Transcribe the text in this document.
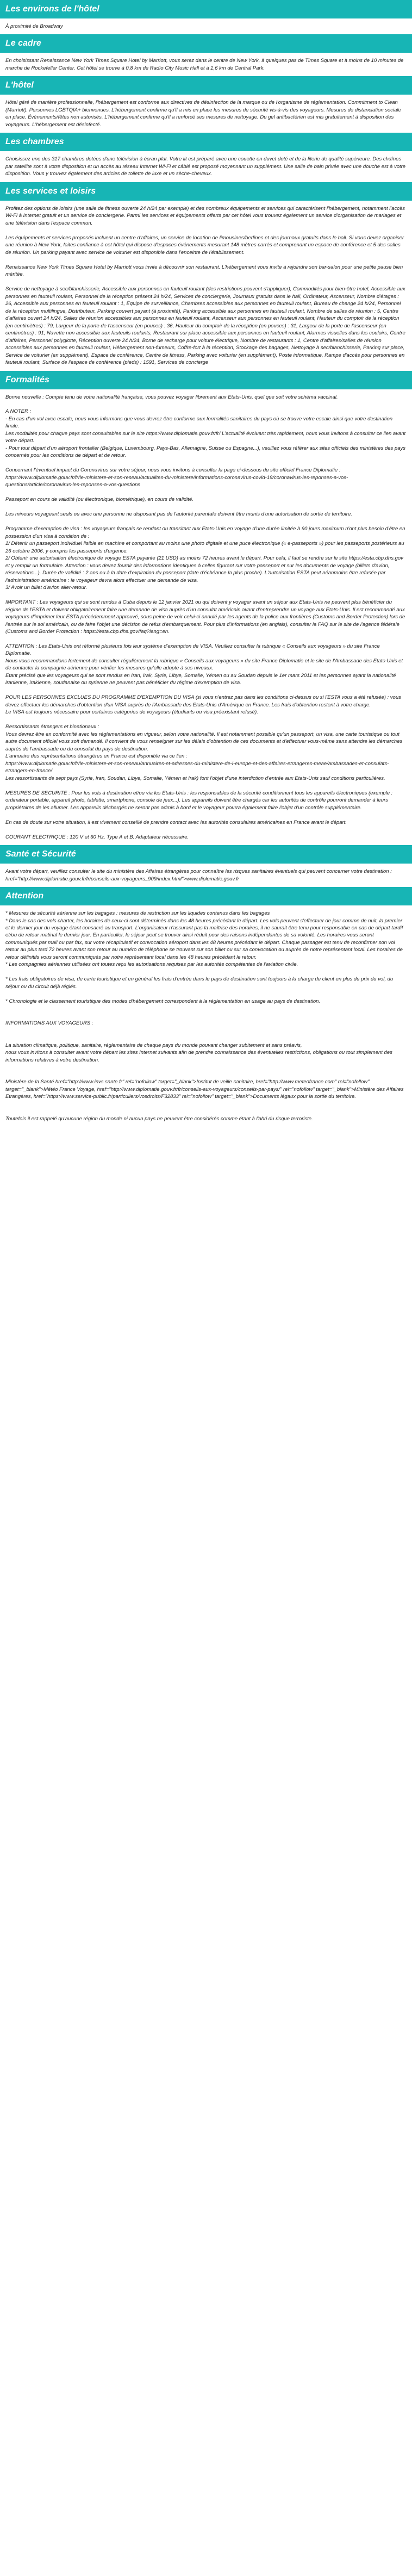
Les environs de l'hôtel
À proximité de Broadway
Le cadre
En choisissant Renaissance New York Times Square Hotel by Marriott, vous serez dans le centre de New York, à quelques pas de Times Square et à moins de 10 minutes de marche de Rockefeller Center. Cet hôtel se trouve à 0,8 km de Radio City Music Hall et à 1,6 km de Central Park.
L'hôtel
Hôtel géré de manière professionnelle, l'hébergement est conforme aux directives de désinfection de la marque ou de l'organisme de réglementation. Commitment to Clean (Marriott). Personnes LGBTQIA+ bienvenues. L'hébergement confirme qu'il a mis en place les mesures de sécurité vis-à-vis des voyageurs. Mesures de distanciation sociale en place. Événements/fêtes non autorisés. L'hébergement confirme qu'il a renforcé ses mesures de nettoyage. Du gel antibactérien est mis gratuitement à disposition des voyageurs. L'hébergement est désinfecté.
Les chambres
Choisissez une des 317 chambres dotées d'une télévision à écran plat. Votre lit est préparé avec une couette en duvet doté et de la literie de qualité supérieure. Des chaînes par satellite sont à votre disposition et un accès au réseau Internet Wi-Fi et câblé est proposé moyennant un supplément. Une salle de bain privée avec une douche est à votre disposition. Vous y trouvez également des articles de toilette de luxe et un sèche-cheveux.
Les services et loisirs
Profitez des options de loisirs (une salle de fitness ouverte 24 h/24 par exemple) et des nombreux équipements et services qui caractérisent l'hébergement, notamment l'accès Wi-Fi à Internet gratuit et un service de conciergerie. Parmi les services et équipements offerts par cet hôtel vous trouvez également un service d'organisation de mariages et une télévision dans l'espace commun.

Les équipements et services proposés incluent un centre d'affaires, un service de location de limousines/berlines et des journaux gratuits dans le hall. Si vous devez organiser une réunion à New York, faites confiance à cet hôtel qui dispose d'espaces événements mesurant 148 mètres carrés et comprenant un espace de conférence et 5 des salles de réunion. Un parking payant avec service de voiturier est disponible dans l'enceinte de l'établissement.

Renaissance New York Times Square Hotel by Marriott vous invite à découvrir son restaurant. L'hébergement vous invite à rejoindre son bar-salon pour une petite pause bien méritée.

Service de nettoyage à sec/blanchisserie, Accessible aux personnes en fauteuil roulant (des restrictions peuvent s'appliquer), Commodités pour bien-être hotel, Accessible aux personnes en fauteuil roulant, Personnel de la réception présent 24 h/24, Services de conciergerie, Journaux gratuits dans le hall, Ordinateur, Ascenseur, Nombre d'étages : 26, Accessible aux personnes en fauteuil roulant : 1, Équipe de surveillance, Chambres accessibles aux personnes en fauteuil roulant, Bureau de change 24 h/24, Personnel de la réception multilingue, Distributeur, Parking couvert payant (à proximité), Parking accessible aux personnes en fauteuil roulant, Nombre de salles de réunion : 5, Centre d'affaires ouvert 24 h/24, Salles de réunion accessibles aux personnes en fauteuil roulant, Ascenseur aux personnes en fauteuil roulant, Hauteur du comptoir de la réception (en centimètres) : 79, Largeur de la porte de l'ascenseur (en pouces) : 36, Hauteur du comptoir de la réception (en pouces) : 31, Largeur de la porte de l'ascenseur (en centimètres) : 91, Navette non accessible aux fauteuils roulants, Restaurant sur place accessible aux personnes en fauteuil roulant, Alarmes visuelles dans les couloirs, Centre d'affaires, Personnel polyglotte, Réception ouverte 24 h/24, Borne de recharge pour voiture électrique, Nombre de restaurants : 1, Centre d'affaires/salles de réunion accessibles aux personnes en fauteuil roulant, Hébergement non-fumeurs, Coffre-fort à la réception, Stockage des bagages, Nettoyage à sec/blanchisserie, Parking sur place, Service de voiturier (en supplément), Espace de conférence, Centre de fitness, Parking avec voiturier (en supplément), Poste informatique, Rampe d'accès pour personnes en fauteuil roulant, Surface de l'espace de conférence (pieds) : 1591, Services de concierge
Formalités
Bonne nouvelle : Compte tenu de votre nationalité française, vous pouvez voyager librement aux Etats-Unis, quel que soit votre schéma vaccinal.

A NOTER :
- En cas d'un vol avec escale, nous vous informons que vous devrez être conforme aux formalités sanitaires du pays où se trouve votre escale ainsi que votre destination finale.
Les modalités pour chaque pays sont consultables sur le site https://www.diplomatie.gouv.fr/fr/ L'actualité évoluant très rapidement, nous vous invitons à consulter ce lien avant votre départ.
- Pour tout départ d'un aéroport frontalier (Belgique, Luxembourg, Pays-Bas, Allemagne, Suisse ou Espagne...), veuillez vous référer aux sites officiels des ministères des pays concernés pour les conditions de départ et de retour.

Concernant l'éventuel impact du Coronavirus sur votre séjour, nous vous invitons à consulter la page ci-dessous du site officiel France Diplomatie :
https://www.diplomatie.gouv.fr/fr/le-ministere-et-son-reseau/actualites-du-ministere/informations-coronavirus-covid-19/coronavirus-les-reponses-a-vos-questions/article/coronavirus-les-reponses-a-vos-questions

Passeport en cours de validité (ou électronique, biométrique), en cours de validité.

Les mineurs voyageant seuls ou avec une personne ne disposant pas de l'autorité parentale doivent être munis d'une autorisation de sortie de territoire.

Programme d'exemption de visa : les voyageurs français se rendant ou transitant aux Etats-Unis en voyage d'une durée limitée à 90 jours maximum n'ont plus besoin d'être en possession d'un visa à condition de :
1/ Détenir un passeport individuel lisible en machine et comportant au moins une photo digitale et une puce électronique (« e-passeports ») pour les passeports postérieurs au 26 octobre 2006, y compris les passeports d'urgence.
2/ Obtenir une autorisation électronique de voyage ESTA payante (21 USD) au moins 72 heures avant le départ. Pour cela, il faut se rendre sur le site https://esta.cbp.dhs.gov et y remplir un formulaire. Attention : vous devez fournir des informations identiques à celles figurant sur votre passeport et sur les documents de voyage (billets d'avion, réservations...). Durée de validité : 2 ans ou à la date d'expiration du passeport (date d'échéance la plus proche). L'autorisation ESTA peut néanmoins être refusée par l'administration américaine : le voyageur devra alors effectuer une demande de visa.
3/ Avoir un billet d'avion aller-retour.

IMPORTANT : Les voyageurs qui se sont rendus à Cuba depuis le 12 janvier 2021 ou qui doivent y voyager avant un séjour aux Etats-Unis ne peuvent plus bénéficier du régime de l'ESTA et doivent obligatoirement faire une demande de visa auprès d'un consulat américain avant d'entreprendre un voyage aux Etats-Unis. Il est recommandé aux voyageurs d'imprimer leur ESTA précédemment approuvé, sous peine de voir celui-ci annulé par les agents de la police aux frontières (Customs and Border Protection) lors de l'entrée sur le sol américain, ou de faire l'objet une décision de refus d'embarquement. Pour plus d'informations (en anglais), consulter la FAQ sur le site de l'agence fédérale (Customs and Border Protection : https://esta.cbp.dhs.gov/faq?lang=en.

ATTENTION : Les Etats-Unis ont réformé plusieurs fois leur système d'exemption de VISA. Veuillez consulter la rubrique « Conseils aux voyageurs » du site France Diplomatie.
Nous vous recommandons fortement de consulter régulièrement la rubrique « Conseils aux voyageurs » du site France Diplomatie et le site de l'Ambassade des Etats-Unis et de contacter la compagnie aérienne pour vérifier les mesures qu'elle adopte à ses niveaux.
Etant précisé que les voyageurs qui se sont rendus en Iran, Irak, Syrie, Libye, Somalie, Yémen ou au Soudan depuis le 1er mars 2011 et les personnes ayant la nationalité iranienne, irakienne, soudanaise ou syrienne ne peuvent pas bénéficier du régime d'exemption de visa.

POUR LES PERSONNES EXCLUES DU PROGRAMME D'EXEMPTION DU VISA (si vous n'entrez pas dans les conditions ci-dessus ou si l'ESTA vous a été refusée) : vous devez effectuer les démarches d'obtention d'un VISA auprès de l'Ambassade des Etats-Unis d'Amérique en France. Les frais d'obtention restent à votre charge.
Le VISA est toujours nécessaire pour certaines catégories de voyageurs (étudiants ou visa préexistant refusé).

Ressortissants étrangers et binationaux :
Vous devrez être en conformité avec les réglementations en vigueur, selon votre nationalité. Il est notamment possible qu'un passeport, un visa, une carte touristique ou tout autre document officiel vous soit demandé. Il convient de vous renseigner sur les délais d'obtention de ces documents et d'effectuer vous-même sans attendre les démarches auprès de l'ambassade ou du consulat du pays de destination.
L'annuaire des représentations étrangères en France est disponible via ce lien :
https://www.diplomatie.gouv.fr/fr/le-ministere-et-son-reseau/annuaires-et-adresses-du-ministere-de-l-europe-et-des-affaires-etrangeres-meae/ambassades-et-consulats-etrangers-en-france/
Les ressortissants de sept pays (Syrie, Iran, Soudan, Libye, Somalie, Yémen et Irak) font l'objet d'une interdiction d'entrée aux Etats-Unis sauf conditions particulières.

MESURES DE SECURITE : Pour les vols à destination et/ou via les Etats-Unis : les responsables de la sécurité conditionnent tous les appareils électroniques (exemple : ordinateur portable, appareil photo, tablette, smartphone, console de jeux...). Les appareils doivent être chargés car les autorités de contrôle pourront demander à leurs propriétaires de les allumer. Les appareils déchargés ne seront pas admis à bord et le voyageur pourra également faire l'objet d'un contrôle supplémentaire.

En cas de doute sur votre situation, il est vivement conseillé de prendre contact avec les autorités consulaires américaines en France avant le départ.

COURANT ELECTRIQUE : 120 V et 60 Hz. Type A et B. Adaptateur nécessaire.
Santé et Sécurité
Avant votre départ, veuillez consulter le site du ministère des Affaires étrangères pour connaître les risques sanitaires éventuels qui peuvent concerner votre destination : href="http://www.diplomatie.gouv.fr/fr/conseils-aux-voyageurs_909/index.html">www.diplomatie.gouv.fr
Attention
* Mesures de sécurité aérienne sur les bagages : mesures de restriction sur les liquides contenus dans les bagages
* Dans le cas des vols charter, les horaires de ceux-ci sont déterminés dans les 48 heures précédant le départ. Les vols peuvent s'effectuer de jour comme de nuit, la premier et le dernier jour du voyage étant consacré au transport. L'organisateur n'assurant pas la maîtrise des horaires, il ne saurait être tenu pour responsable en cas de départ tardif et/ou de retour matinal le dernier jour. En particulier, le séjour peut se trouver ainsi réduit pour des raisons indépendantes de sa volonté. Les horaires vous seront communiqués par mail ou par fax, sur votre récapitulatif et convocation aéroport dans les 48 heures précédant le départ. Chaque passager est tenu de reconfirmer son vol retour au plus tard 72 heures avant son retour au numéro de téléphone se trouvant sur son billet ou sur sa convocation ou auprès de notre représentant local. Les horaires de retour définitifs vous seront communiqués par notre représentant local dans les 48 heures précédant le retour.
* Les compagnies aériennes utilisées ont toutes reçu les autorisations requises par les autorités compétentes de l'aviation civile.

* Les frais obligatoires de visa, de carte touristique et en général les frais d'entrée dans le pays de destination sont toujours à la charge du client en plus du prix du vol, du séjour ou du circuit déjà réglés.

* Chronologie et le classement touristique des modes d'hébergement correspondent à la réglementation en usage au pays de destination.

INFORMATIONS AUX VOYAGEURS :

La situation climatique, politique, sanitaire, réglementaire de chaque pays du monde pouvant changer subitement et sans préavis,
nous vous invitons à consulter avant votre départ les sites Internet suivants afin de prendre connaissance des éventuelles restrictions, obligations ou tout simplement des informations relatives à votre destination.

Ministère de la Santé href="http://www.invs.sante.fr" rel="nofollow" target="_blank">Institut de veille sanitaire, href="http://www.meteofrance.com" rel="nofollow" target="_blank">Météo France Voyage, href="http://www.diplomatie.gouv.fr/fr/conseils-aux-voyageurs/conseils-par-pays/" rel="nofollow" target="_blank">Ministère des Affaires Etrangères, href="https://www.service-public.fr/particuliers/vosdroits/F32833" rel="nofollow" target="_blank">Documents légaux pour la sortie du territoire.

Toutefois il est rappelé qu'aucune région du monde ni aucun pays ne peuvent être considérés comme étant à l'abri du risque terroriste.
